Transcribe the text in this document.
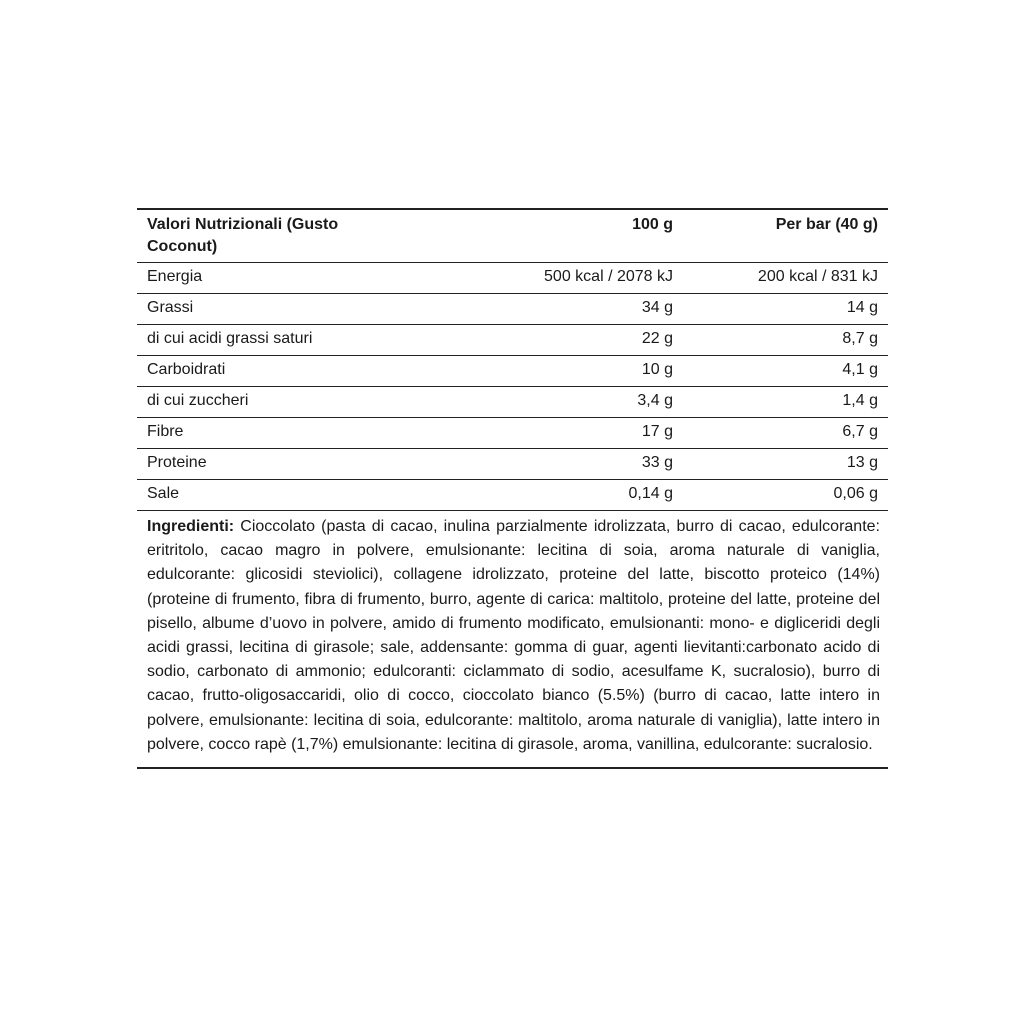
Valori Nutrizionali (Gusto Coconut)	100 g	Per bar (40 g)
Energia	500 kcal / 2078 kJ	200 kcal / 831 kJ
Grassi	34 g	14 g
di cui acidi grassi saturi	22 g	8,7 g
Carboidrati	10 g	4,1 g
di cui zuccheri	3,4 g	1,4 g
Fibre	17 g	6,7 g
Proteine	33 g	13 g
Sale	0,14 g	0,06 g
Ingredienti: Cioccolato (pasta di cacao, inulina parzialmente idrolizzata, burro di cacao, edulcorante: eritritolo, cacao magro in polvere, emulsionante: lecitina di soia, aroma naturale di vaniglia, edulcorante: glicosidi steviolici), collagene idrolizzato, proteine del latte, biscotto proteico (14%) (proteine di frumento, fibra di frumento, burro, agente di carica: maltitolo, proteine del latte, proteine del pisello, albume d’uovo in polvere, amido di frumento modificato, emulsionanti: mono- e digliceridi degli acidi grassi, lecitina di girasole; sale, addensante: gomma di guar, agenti lievitanti:carbonato acido di sodio, carbonato di ammonio; edulcoranti: ciclammato di sodio, acesulfame K, sucralosio), burro di cacao, frutto-oligosaccaridi, olio di cocco, cioccolato bianco (5.5%) (burro di cacao, latte intero in polvere, emulsionante: lecitina di soia, edulcorante: maltitolo, aroma naturale di vaniglia), latte intero in polvere, cocco rapè (1,7%) emulsionante: lecitina di girasole, aroma, vanillina, edulcorante: sucralosio.
